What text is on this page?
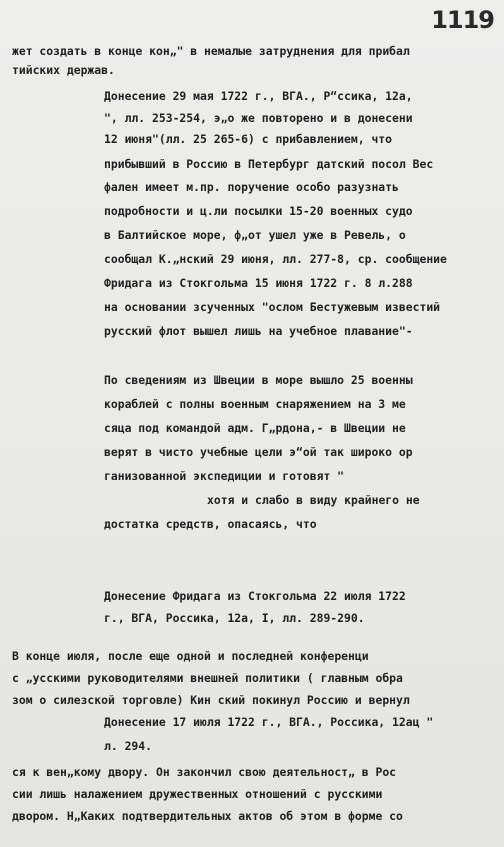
1119
жет создать в конце кон„" в немалые затруднения для прибал
тийских держав.
Донесение 29 мая 1722 г., ВГА., Р“ссика, 12а,
", лл. 253-254, э„о же повторено и в донесени
12 июня"(лл. 25 265-6) с прибавлением, что
прибывший в Россию в Петербург датский посол Вес
фален имеет м.пр. поручение особо разузнать
подробности и ц.ли посылки 15-20 военных судо
в Балтийское море, ф„от ушел уже в Ревель, о
сообщал К.„нский 29 июня, лл. 277-8, ср. сообщение
Фридага из Стокгольма 15 июня 1722 г. 8 л.288
на основании зсученных "ослом Бестужевым известий
русский флот вышел лишь на учебное плавание"-
По сведениям из Швеции в море вышло 25 военны
кораблей с полны военным снаряжением на 3 ме
сяца под командой адм. Г„рдона,- в Швеции не
верят в чисто учебные цели э“ой так широко ор
ганизованной экспедиции и готовят "
хотя и слабо в виду крайнего не
достатка средств, опасаясь, что
Донесение Фридага из Стокгольма 22 июля 1722
г., ВГА, Россика, 12а, I, лл. 289-290.
В конце июля, после еще одной и последней конференци
с „усскими руководителями внешней политики ( главным обра
зом о силезской торговле) Кин ский покинул Россию и вернул
Донесение 17 июля 1722 г., ВГА., Россика, 12ац "
л. 294.
ся к вен„кому двору. Он закончил свою деятельност„ в Рос
сии лишь налажением дружественных отношений с русскими
двором. Н„Каких подтвердительных актов об этом в форме со
